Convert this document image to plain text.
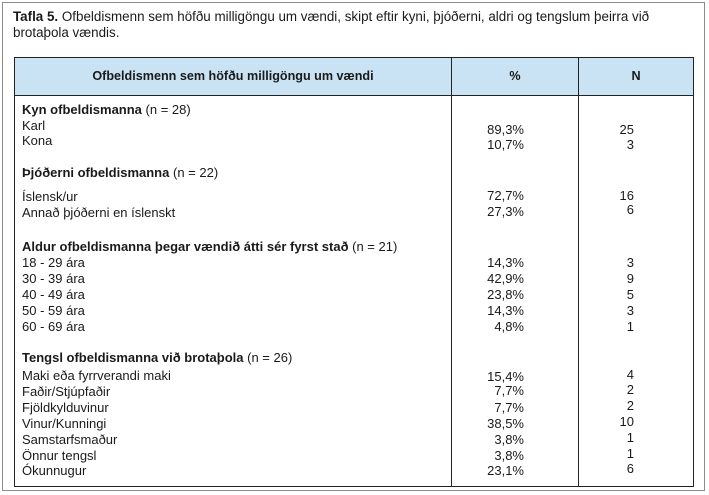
Tafla 5. Ofbeldismenn sem höfðu milligöngu um vændi, skipt eftir kyni, þjóðerni, aldri og tengslum þeirra við brotaþola vændis.
Ofbeldismenn sem höfðu milligöngu um vændi	%	N
Kyn ofbeldismanna (n = 28)
Karl	89,3%	25
Kona	10,7%	3
Þjóðerni ofbeldismanna (n = 22)
Íslensk/ur	72,7%	16
Annað þjóðerni en íslenskt	27,3%	6
Aldur ofbeldismanna þegar vændið átti sér fyrst stað (n = 21)
18 - 29 ára	14,3%	3
30 - 39 ára	42,9%	9
40 - 49 ára	23,8%	5
50 - 59 ára	14,3%	3
60 - 69 ára	4,8%	1
Tengsl ofbeldismanna við brotaþola (n = 26)
Maki eða fyrrverandi maki	15,4%	4
Faðir/Stjúpfaðir	7,7%	2
Fjöldkylduvinur	7,7%	2
Vinur/Kunningi	38,5%	10
Samstarfsmaður	3,8%	1
Önnur tengsl	3,8%	1
Ókunnugur	23,1%	6
